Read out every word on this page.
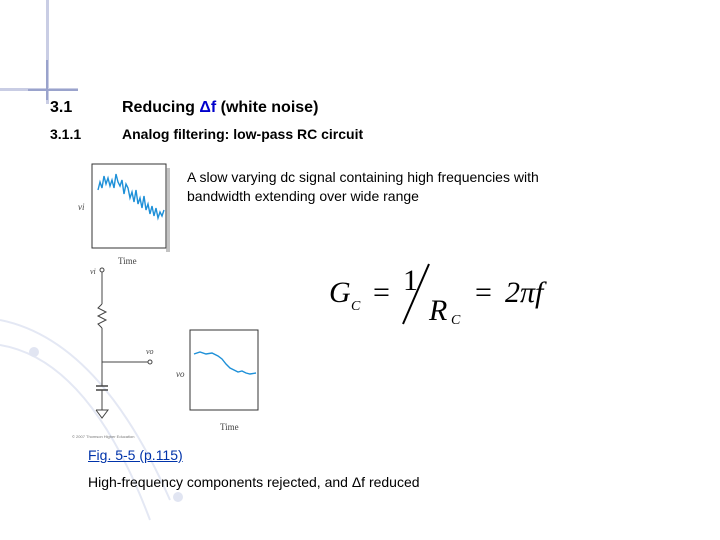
3.1	Reducing Δf (white noise)
3.1.1	Analog filtering: low-pass RC circuit
A slow varying dc signal containing high frequencies with bandwidth extending over wide range
vi
Time
vi
vo
vo
Time
© 2007 Thomson Higher Education
G C = 1
R C
= 2πf
Fig. 5-5 (p.115)
High-frequency components rejected, and Δf reduced
